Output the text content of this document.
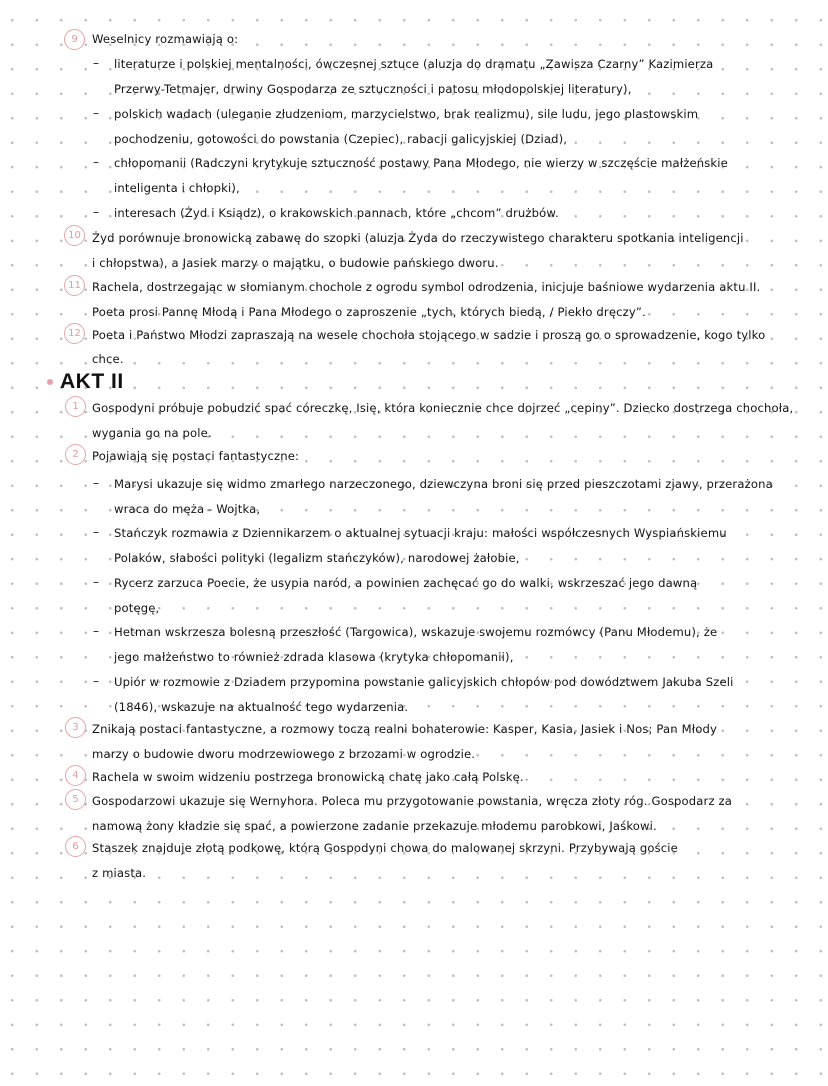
9	Weselnicy rozmawiają o:
– literaturze i polskiej mentalności, ówczesnej sztuce (aluzja do dramatu „Zawisza Czarny” Kazimierza
Przerwy-Tetmajer, drwiny Gospodarza ze sztuczności i patosu młodopolskiej literatury),
– polskich wadach (uleganie złudzeniom, marzycielstwo, brak realizmu), sile ludu, jego plastowskim
pochodzeniu, gotowości do powstania (Czepiec), rabacji galicyjskiej (Dziad),
– chłopomanii (Radczyni krytykuje sztuczność postawy Pana Młodego, nie wierzy w szczęście małżeńskie
inteligenta i chłopki),
– interesach (Żyd i Ksiądz), o krakowskich pannach, które „chcom” drużbów.
10 Żyd porównuje bronowicką zabawę do szopki (aluzja Żyda do rzeczywistego charakteru spotkania inteligencji
i chłopstwa), a Jasiek marzy o majątku, o budowie pańskiego dworu.
11 Rachela, dostrzegając w słomianym chochole z ogrodu symbol odrodzenia, inicjuje baśniowe wydarzenia aktu II.
Poeta prosi Pannę Młodą i Pana Młodego o zaproszenie „tych, których biedą, / Piekło dręczy”.
12 Poeta i Państwo Młodzi zapraszają na wesele chochoła stojącego w sadzie i proszą go o sprowadzenie, kogo tylko
chce.
AKT II
1	Gospodyni próbuje pobudzić spać córeczkę, Isię, która koniecznie chce dojrzeć „cepiny”. Dziecko dostrzega chochoła,
wygania go na pole.
2	Pojawiają się postaci fantastyczne:
– Marysi ukazuje się widmo zmarłego narzeczonego, dziewczyna broni się przed pieszczotami zjawy, przerażona
wraca do męża - Wojtka,
– Stańczyk rozmawia z Dziennikarzem o aktualnej sytuacji kraju: małości współczesnych Wyspiańskiemu
Polaków, słabości polityki (legalizm stańczyków), narodowej żałobie,
– Rycerz zarzuca Poecie, że usypia naród, a powinien zachęcać go do walki, wskrzeszać jego dawną
potęgę,
– Hetman wskrzesza bolesną przeszłość (Targowica), wskazuje swojemu rozmówcy (Panu Młodemu), że
jego małżeństwo to również zdrada klasowa (krytyka chłopomanii),
– Upiór w rozmowie z Dziadem przypomina powstanie galicyjskich chłopów pod dowództwem Jakuba Szeli
(1846), wskazuje na aktualność tego wydarzenia.
3	Znikają postaci fantastyczne, a rozmowy toczą realni bohaterowie: Kasper, Kasia, Jasiek i Nos; Pan Młody
marzy o budowie dworu modrzewiowego z brzozami w ogrodzie.
4	Rachela w swoim widzeniu postrzega bronowicką chatę jako całą Polskę.
5	Gospodarzowi ukazuje się Wernyhora. Poleca mu przygotowanie powstania, wręcza złoty róg. Gospodarz za
namową żony kładzie się spać, a powierzone zadanie przekazuje młodemu parobkowi, Jaśkowi.
6	Staszek znajduje złotą podkowę, którą Gospodyni chowa do malowanej skrzyni. Przybywają goście
z miasta.
